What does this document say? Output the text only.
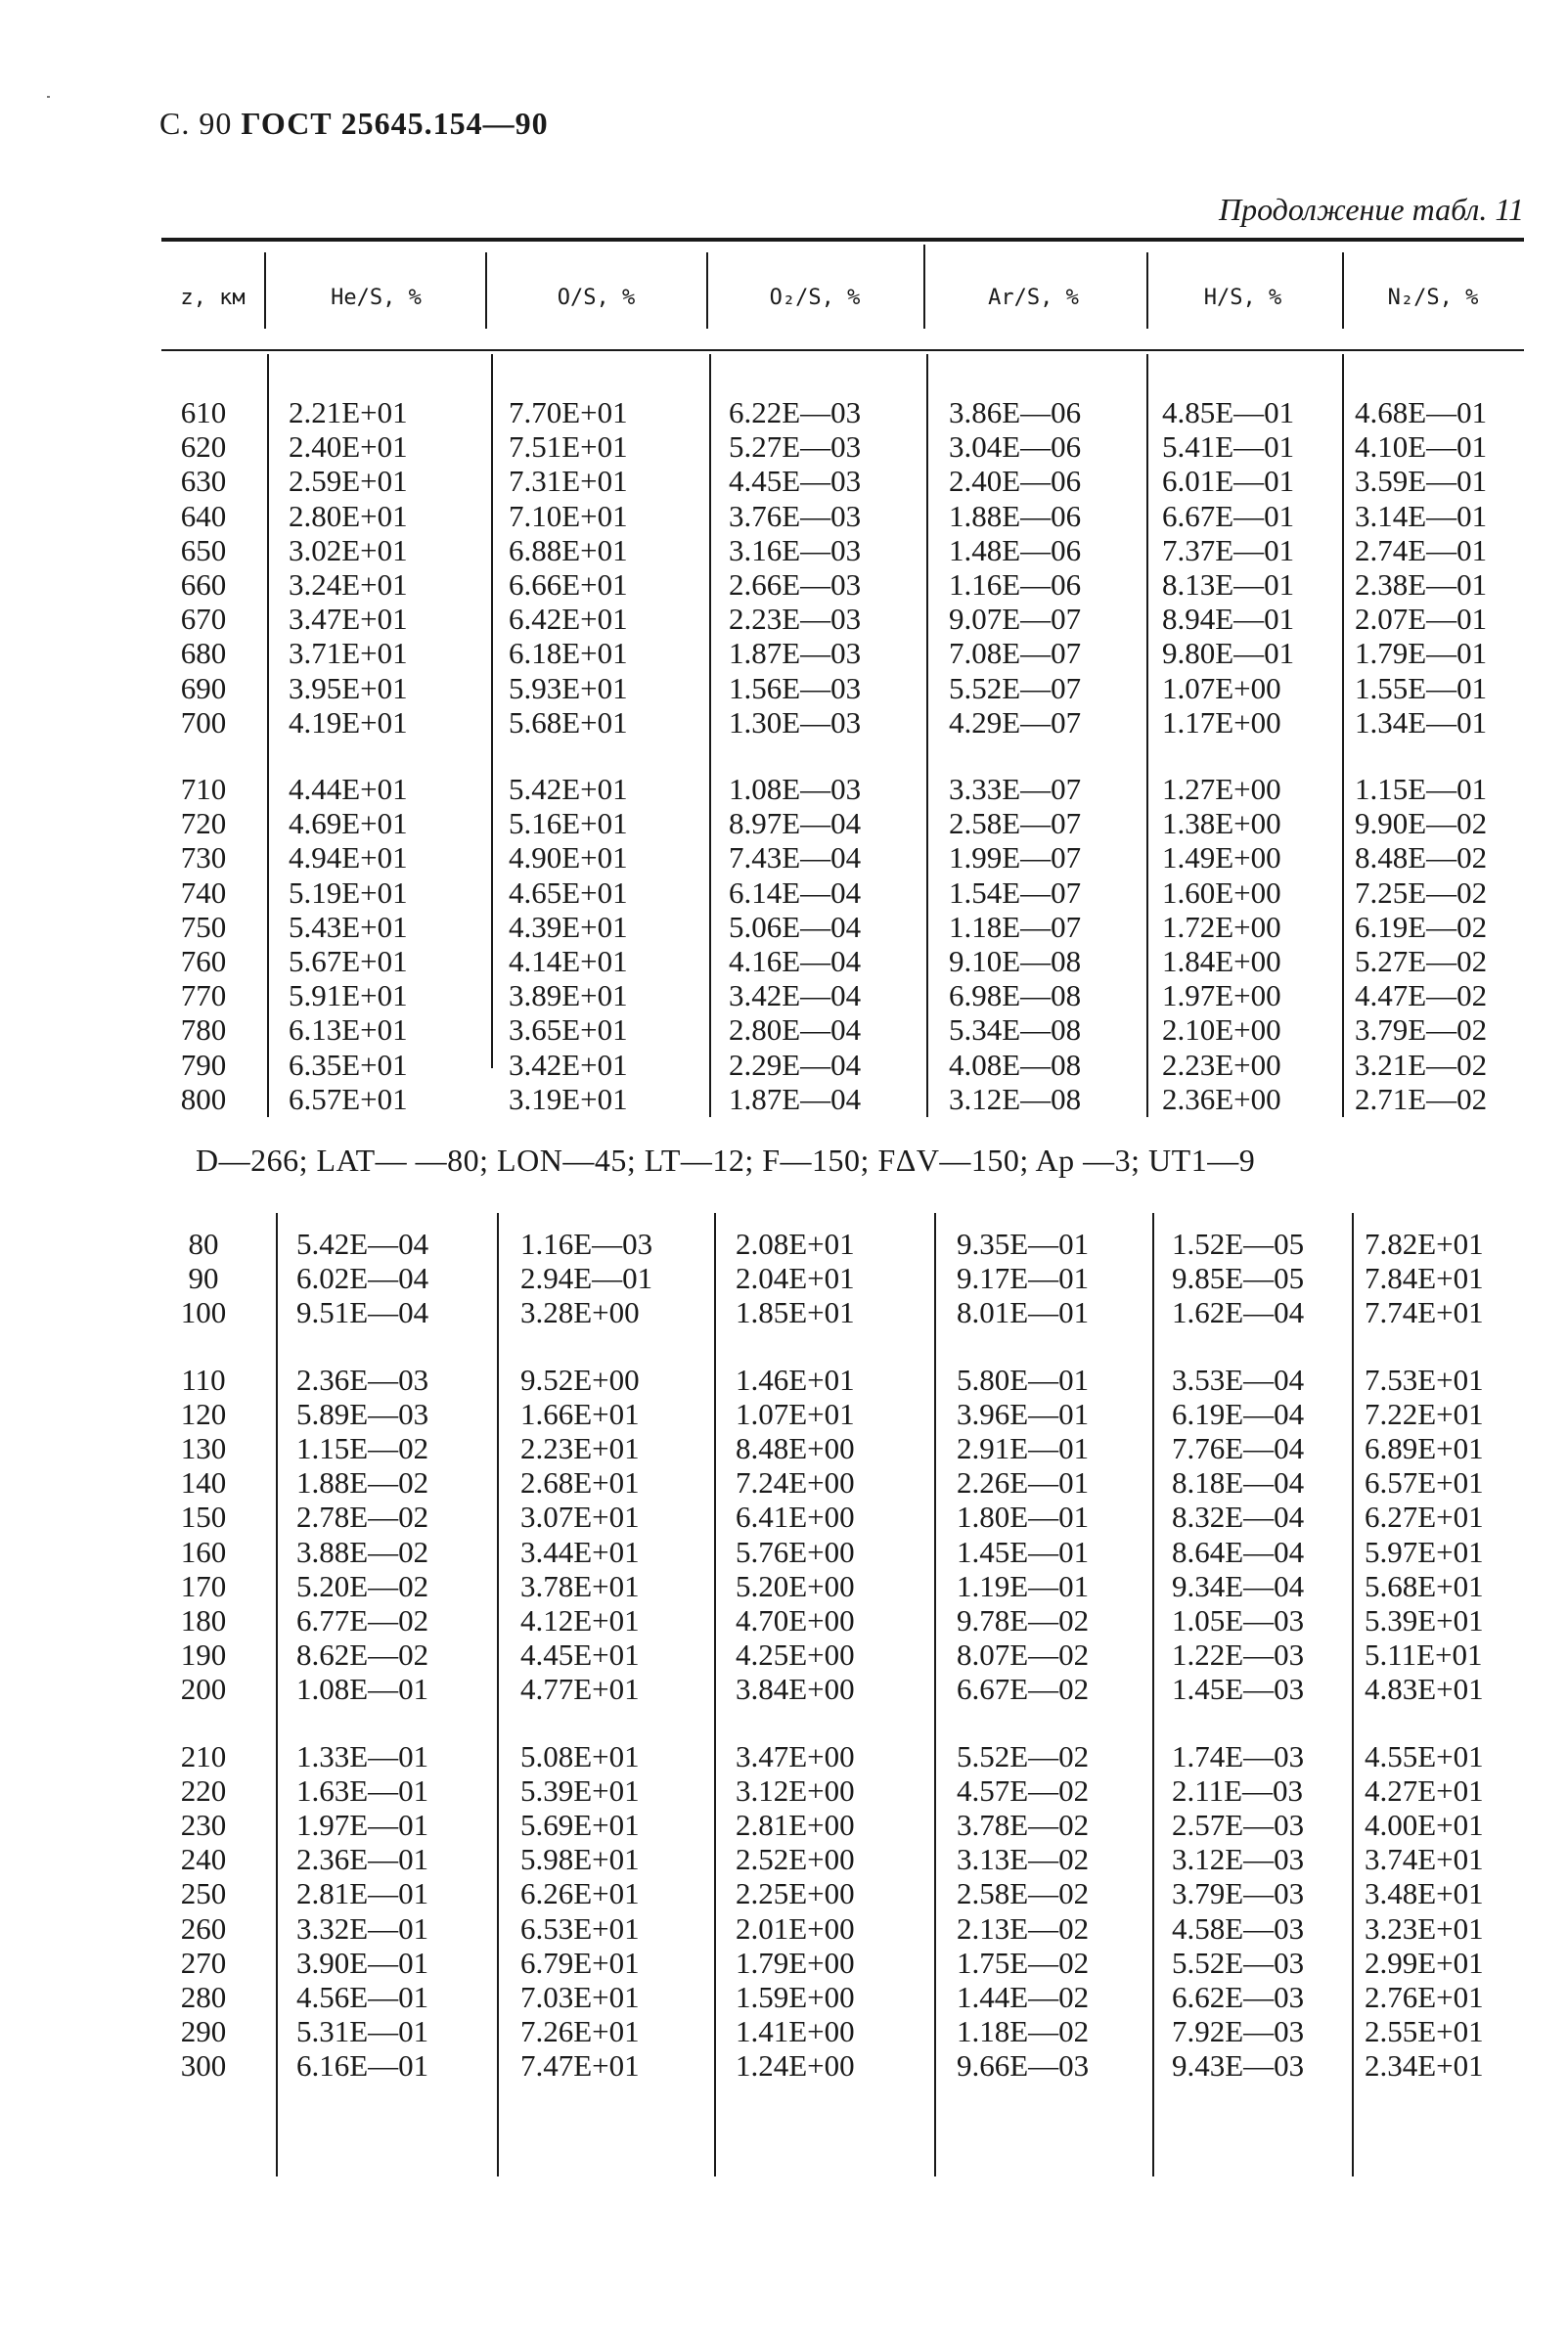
С. 90 ГОСТ 25645.154—90
Продолжение табл. 11
z, км	He/S, %	O/S, %	O₂/S, %	Ar/S, %	H/S, %	N₂/S, %
610	2.21E+01	7.70E+01	6.22E—03	3.86E—06	4.85E—01 4.68E—01
620	2.40E+01	7.51E+01	5.27E—03	3.04E—06	5.41E—01 4.10E—01
630	2.59E+01	7.31E+01	4.45E—03	2.40E—06	6.01E—01 3.59E—01
640	2.80E+01	7.10E+01	3.76E—03	1.88E—06	6.67E—01 3.14E—01
650	3.02E+01	6.88E+01	3.16E—03	1.48E—06	7.37E—01 2.74E—01
660	3.24E+01	6.66E+01	2.66E—03	1.16E—06	8.13E—01 2.38E—01
670	3.47E+01	6.42E+01	2.23E—03	9.07E—07	8.94E—01 2.07E—01
680	3.71E+01	6.18E+01	1.87E—03	7.08E—07	9.80E—01 1.79E—01
690	3.95E+01	5.93E+01	1.56E—03	5.52E—07	1.07E+00 1.55E—01
700	4.19E+01	5.68E+01	1.30E—03	4.29E—07	1.17E+00 1.34E—01
710	4.44E+01	5.42E+01	1.08E—03	3.33E—07	1.27E+00 1.15E—01
720	4.69E+01	5.16E+01	8.97E—04	2.58E—07	1.38E+00 9.90E—02
730	4.94E+01	4.90E+01	7.43E—04	1.99E—07	1.49E+00 8.48E—02
740	5.19E+01	4.65E+01	6.14E—04	1.54E—07	1.60E+00 7.25E—02
750	5.43E+01	4.39E+01	5.06E—04	1.18E—07	1.72E+00 6.19E—02
760	5.67E+01	4.14E+01	4.16E—04	9.10E—08	1.84E+00 5.27E—02
770	5.91E+01	3.89E+01	3.42E—04	6.98E—08	1.97E+00 4.47E—02
780	6.13E+01	3.65E+01	2.80E—04	5.34E—08	2.10E+00 3.79E—02
790	6.35E+01	3.42E+01	2.29E—04	4.08E—08	2.23E+00 3.21E—02
800	6.57E+01	3.19E+01	1.87E—04	3.12E—08	2.36E+00 2.71E—02
D—266; LAT— —80; LON—45; LT—12; F—150; FΔV—150; Ap —3; UT1—9
80	5.42E—04	1.16E—03	2.08E+01	9.35E—01	1.52E—05 7.82E+01
90	6.02E—04	2.94E—01	2.04E+01	9.17E—01	9.85E—05 7.84E+01
100	9.51E—04	3.28E+00	1.85E+01	8.01E—01	1.62E—04 7.74E+01
110	2.36E—03	9.52E+00	1.46E+01	5.80E—01	3.53E—04 7.53E+01
120	5.89E—03	1.66E+01	1.07E+01	3.96E—01	6.19E—04 7.22E+01
130	1.15E—02	2.23E+01	8.48E+00	2.91E—01	7.76E—04 6.89E+01
140	1.88E—02	2.68E+01	7.24E+00	2.26E—01	8.18E—04 6.57E+01
150	2.78E—02	3.07E+01	6.41E+00	1.80E—01	8.32E—04 6.27E+01
160	3.88E—02	3.44E+01	5.76E+00	1.45E—01	8.64E—04 5.97E+01
170	5.20E—02	3.78E+01	5.20E+00	1.19E—01	9.34E—04 5.68E+01
180	6.77E—02	4.12E+01	4.70E+00	9.78E—02	1.05E—03 5.39E+01
190	8.62E—02	4.45E+01	4.25E+00	8.07E—02	1.22E—03 5.11E+01
200	1.08E—01	4.77E+01	3.84E+00	6.67E—02	1.45E—03 4.83E+01
210	1.33E—01	5.08E+01	3.47E+00	5.52E—02	1.74E—03 4.55E+01
220	1.63E—01	5.39E+01	3.12E+00	4.57E—02	2.11E—03 4.27E+01
230	1.97E—01	5.69E+01	2.81E+00	3.78E—02	2.57E—03 4.00E+01
240	2.36E—01	5.98E+01	2.52E+00	3.13E—02	3.12E—03 3.74E+01
250	2.81E—01	6.26E+01	2.25E+00	2.58E—02	3.79E—03 3.48E+01
260	3.32E—01	6.53E+01	2.01E+00	2.13E—02	4.58E—03 3.23E+01
270	3.90E—01	6.79E+01	1.79E+00	1.75E—02	5.52E—03 2.99E+01
280	4.56E—01	7.03E+01	1.59E+00	1.44E—02	6.62E—03 2.76E+01
290	5.31E—01	7.26E+01	1.41E+00	1.18E—02	7.92E—03 2.55E+01
300	6.16E—01	7.47E+01	1.24E+00	9.66E—03	9.43E—03 2.34E+01
